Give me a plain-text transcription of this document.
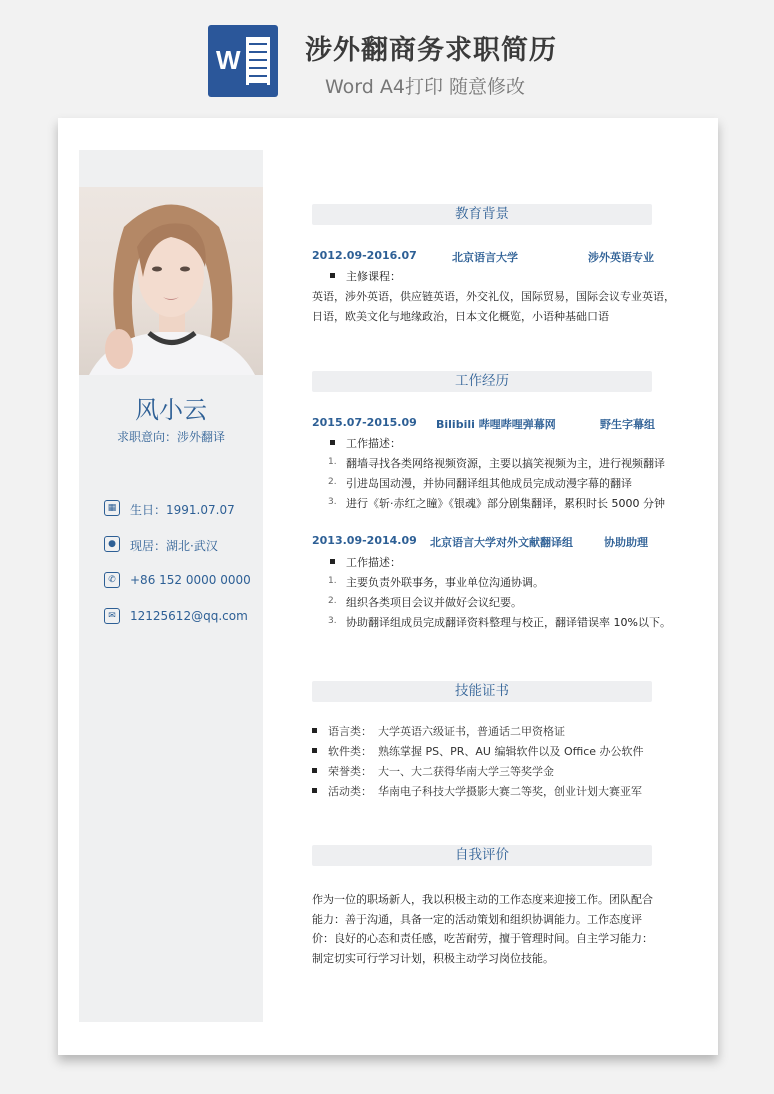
W 涉外翻商务求职简历
Word A4打印 随意修改
风小云
求职意向：涉外翻译
▦	生日：1991.07.07
●	现居：湖北·武汉
✆	+86 152 0000 0000
✉	12125612@qq.com
教育背景
2012.09-2016.07	北京语言大学	涉外英语专业
主修课程：
英语，涉外英语，供应链英语，外交礼仪，国际贸易，国际会议专业英语，
日语，欧美文化与地缘政治，日本文化概览，小语种基础口语
工作经历
2015.07-2015.09 Bilibili 哔哩哔哩弹幕网	野生字幕组
工作描述：
1. 翻墙寻找各类网络视频资源，主要以搞笑视频为主，进行视频翻译
2. 引进岛国动漫，并协同翻译组其他成员完成动漫字幕的翻译
3. 进行《斩·赤红之瞳》《银魂》部分剧集翻译，累积时长 5000 分钟
2013.09-2014.09 北京语言大学对外文献翻译组	协助助理
工作描述：
1. 主要负责外联事务，事业单位沟通协调。
2. 组织各类项目会议并做好会议纪要。
3. 协助翻译组成员完成翻译资料整理与校正，翻译错误率 10%以下。
技能证书
语言类： 大学英语六级证书，普通话二甲资格证
软件类： 熟练掌握 PS、PR、AU 编辑软件以及 Office 办公软件
荣誉类： 大一、大二获得华南大学三等奖学金
活动类： 华南电子科技大学摄影大赛二等奖，创业计划大赛亚军
自我评价
作为一位的职场新人，我以积极主动的工作态度来迎接工作。团队配合能力：善于沟通，具备一定的活动策划和组织协调能力。工作态度评价：良好的心态和责任感，吃苦耐劳，擅于管理时间。自主学习能力：制定切实可行学习计划，积极主动学习岗位技能。
